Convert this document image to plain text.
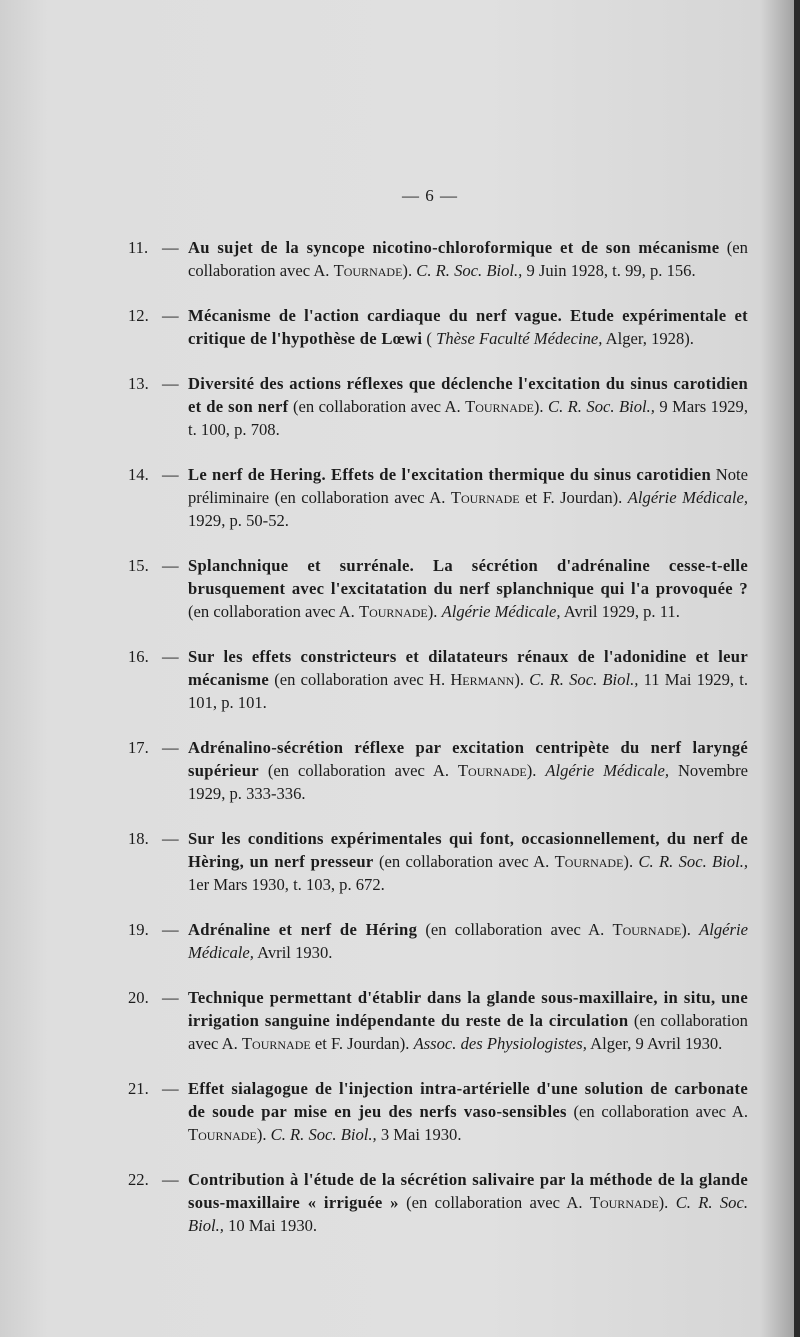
— 6 —
11. — Au sujet de la syncope nicotino-chloroformique et de son mécanisme (en collaboration avec A. Tournade). C. R. Soc. Biol., 9 Juin 1928, t. 99, p. 156.
12. — Mécanisme de l'action cardiaque du nerf vague. Etude expérimentale et critique de l'hypothèse de Lœwi ( Thèse Faculté Médecine, Alger, 1928).
13. — Diversité des actions réflexes que déclenche l'excitation du sinus carotidien et de son nerf (en collaboration avec A. Tournade). C. R. Soc. Biol., 9 Mars 1929, t. 100, p. 708.
14. — Le nerf de Hering. Effets de l'excitation thermique du sinus carotidien Note préliminaire (en collaboration avec A. Tournade et F. Jourdan). Algérie Médicale, 1929, p. 50-52.
15. — Splanchnique et surrénale. La sécrétion d'adrénaline cesse-t-elle brusquement avec l'excitatation du nerf splanchnique qui l'a provoquée ? (en collaboration avec A. Tournade). Algérie Médicale, Avril 1929, p. 11.
16. — Sur les effets constricteurs et dilatateurs rénaux de l'adonidine et leur mécanisme (en collaboration avec H. Hermann). C. R. Soc. Biol., 11 Mai 1929, t. 101, p. 101.
17. — Adrénalino-sécrétion réflexe par excitation centripète du nerf laryngé supérieur (en collaboration avec A. Tournade). Algérie Médicale, Novembre 1929, p. 333-336.
18. — Sur les conditions expérimentales qui font, occasionnellement, du nerf de Hèring, un nerf presseur (en collaboration avec A. Tournade). C. R. Soc. Biol., 1er Mars 1930, t. 103, p. 672.
19. — Adrénaline et nerf de Héring (en collaboration avec A. Tournade). Algérie Médicale, Avril 1930.
20. — Technique permettant d'établir dans la glande sous-maxillaire, in situ, une irrigation sanguine indépendante du reste de la circulation (en collaboration avec A. Tournade et F. Jourdan). Assoc. des Physiologistes, Alger, 9 Avril 1930.
21. — Effet sialagogue de l'injection intra-artérielle d'une solution de carbonate de soude par mise en jeu des nerfs vaso-sensibles (en collaboration avec A. Tournade). C. R. Soc. Biol., 3 Mai 1930.
22. — Contribution à l'étude de la sécrétion salivaire par la méthode de la glande sous-maxillaire « irriguée » (en collaboration avec A. Tournade). C. R. Soc. Biol., 10 Mai 1930.
